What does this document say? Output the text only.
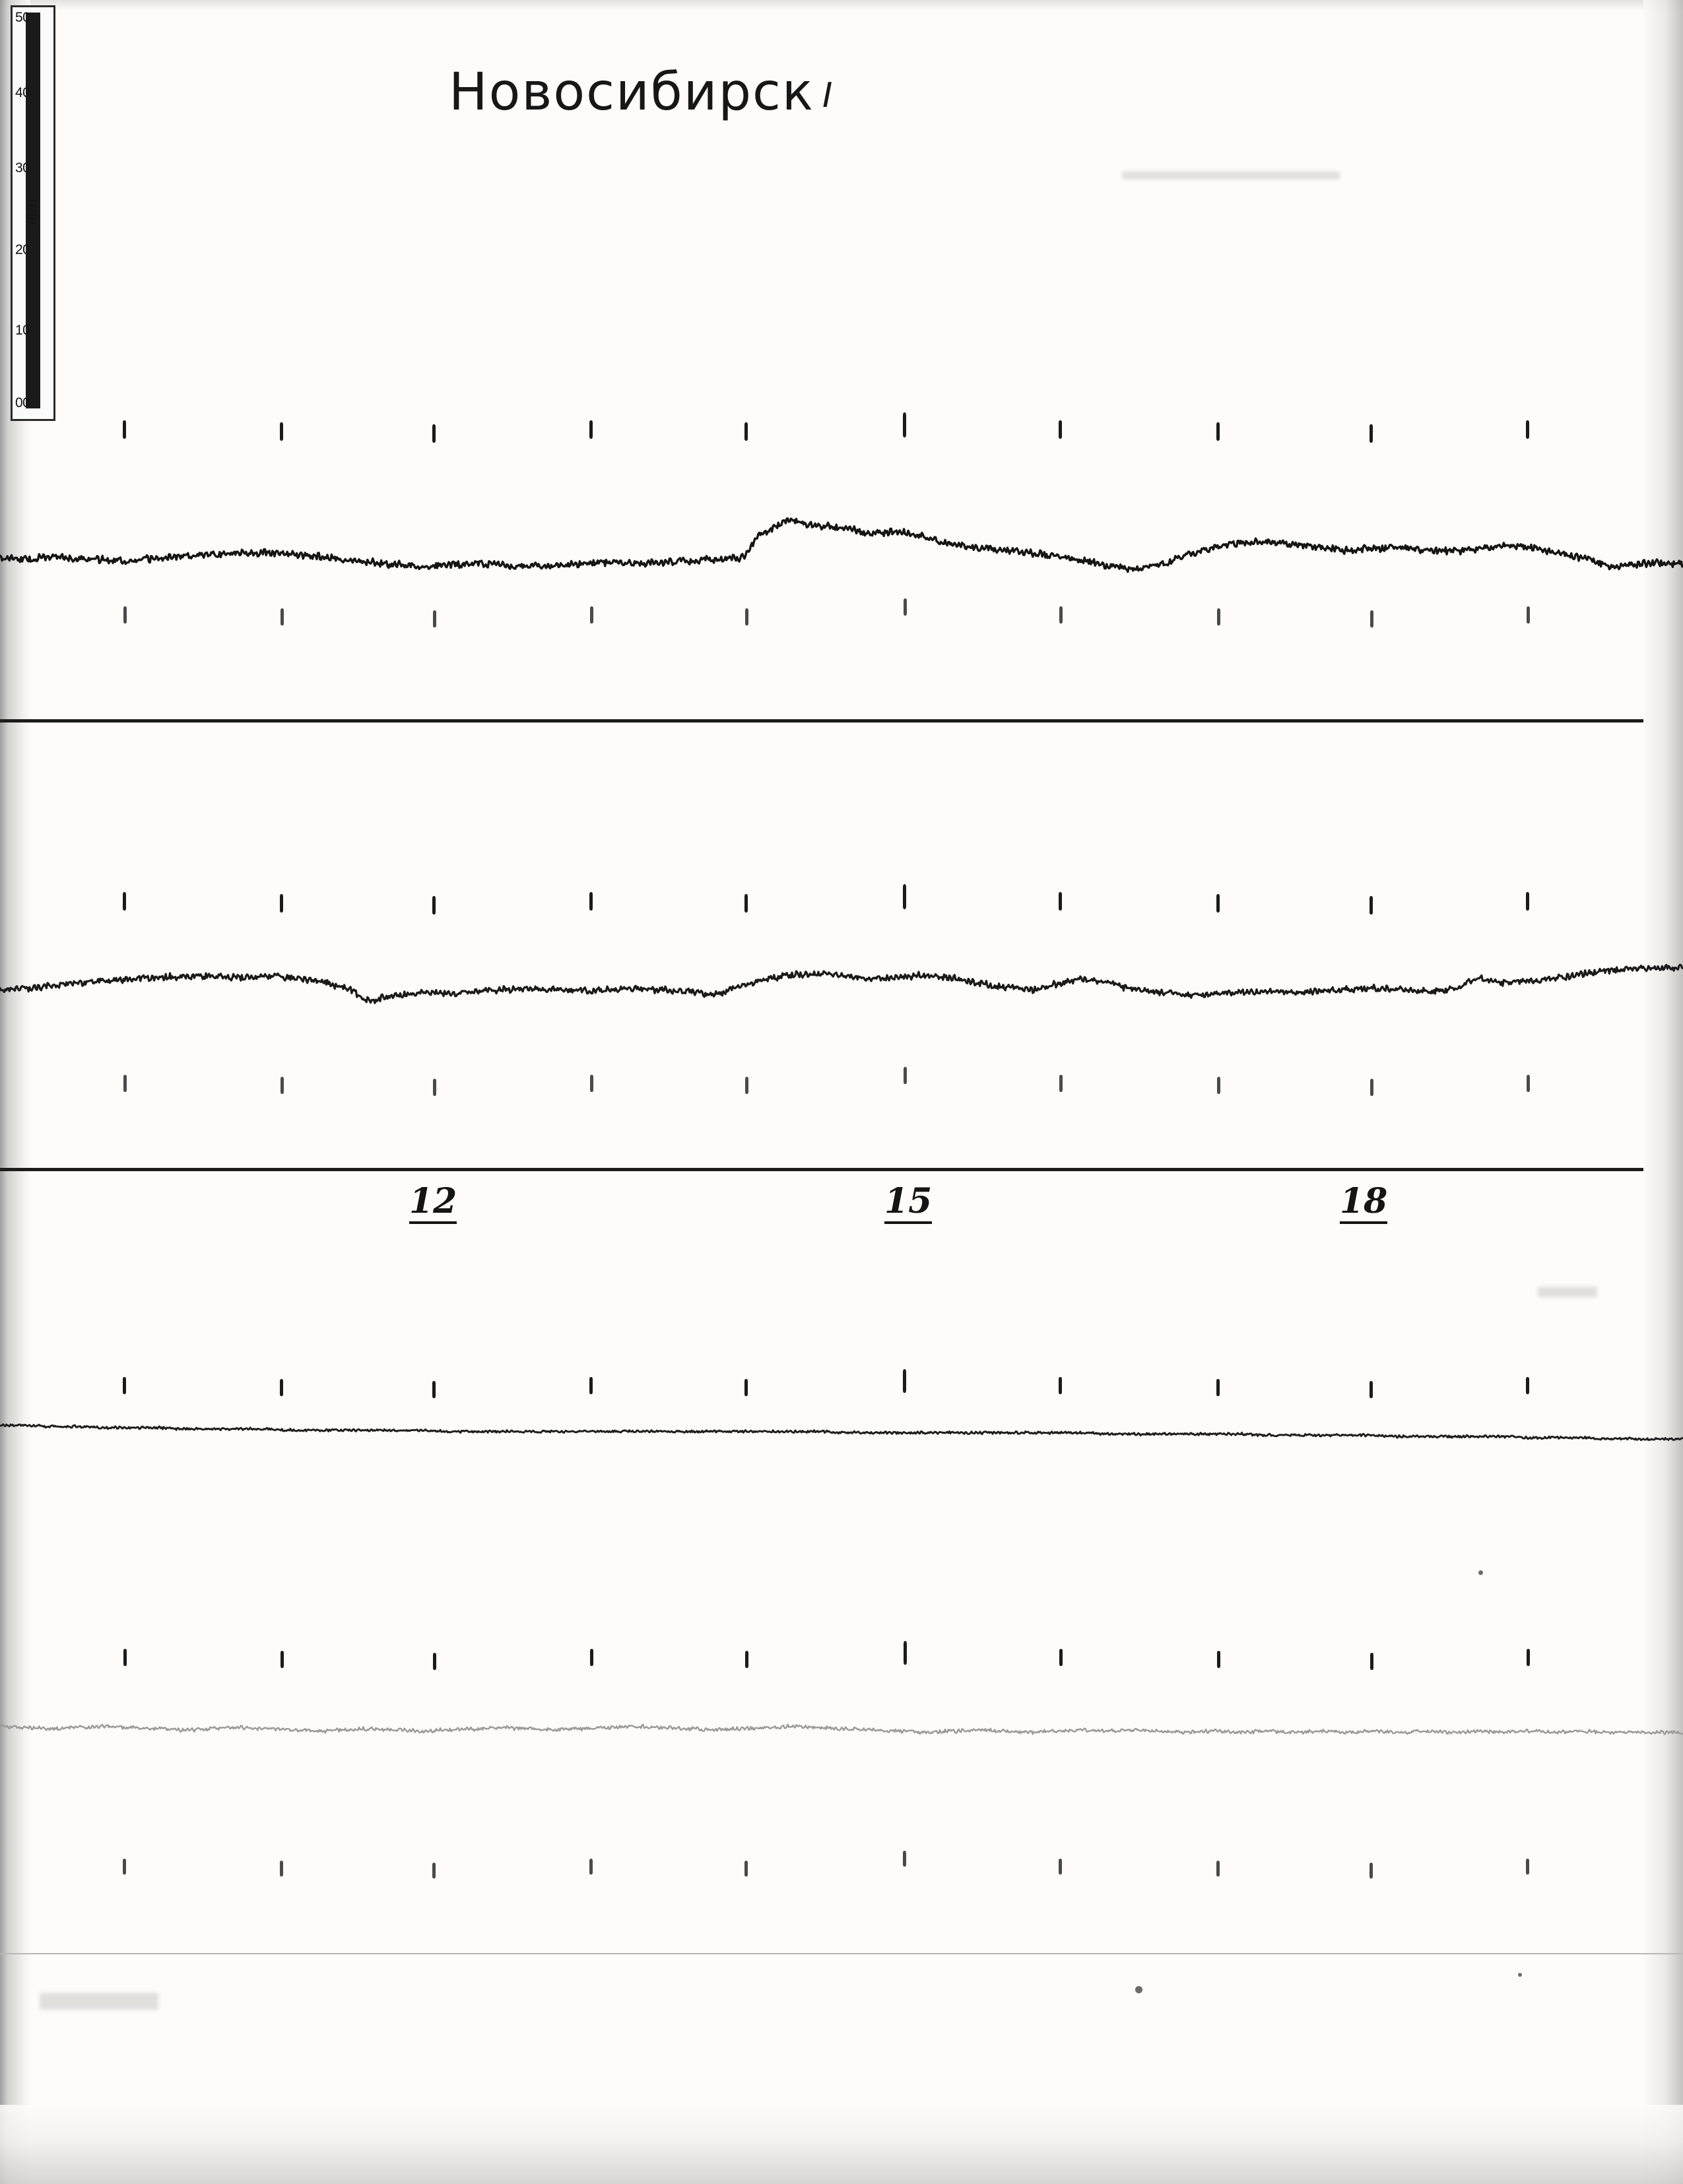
50
40
30
20
10
00
mm
Новосибирск I
12	15	18
